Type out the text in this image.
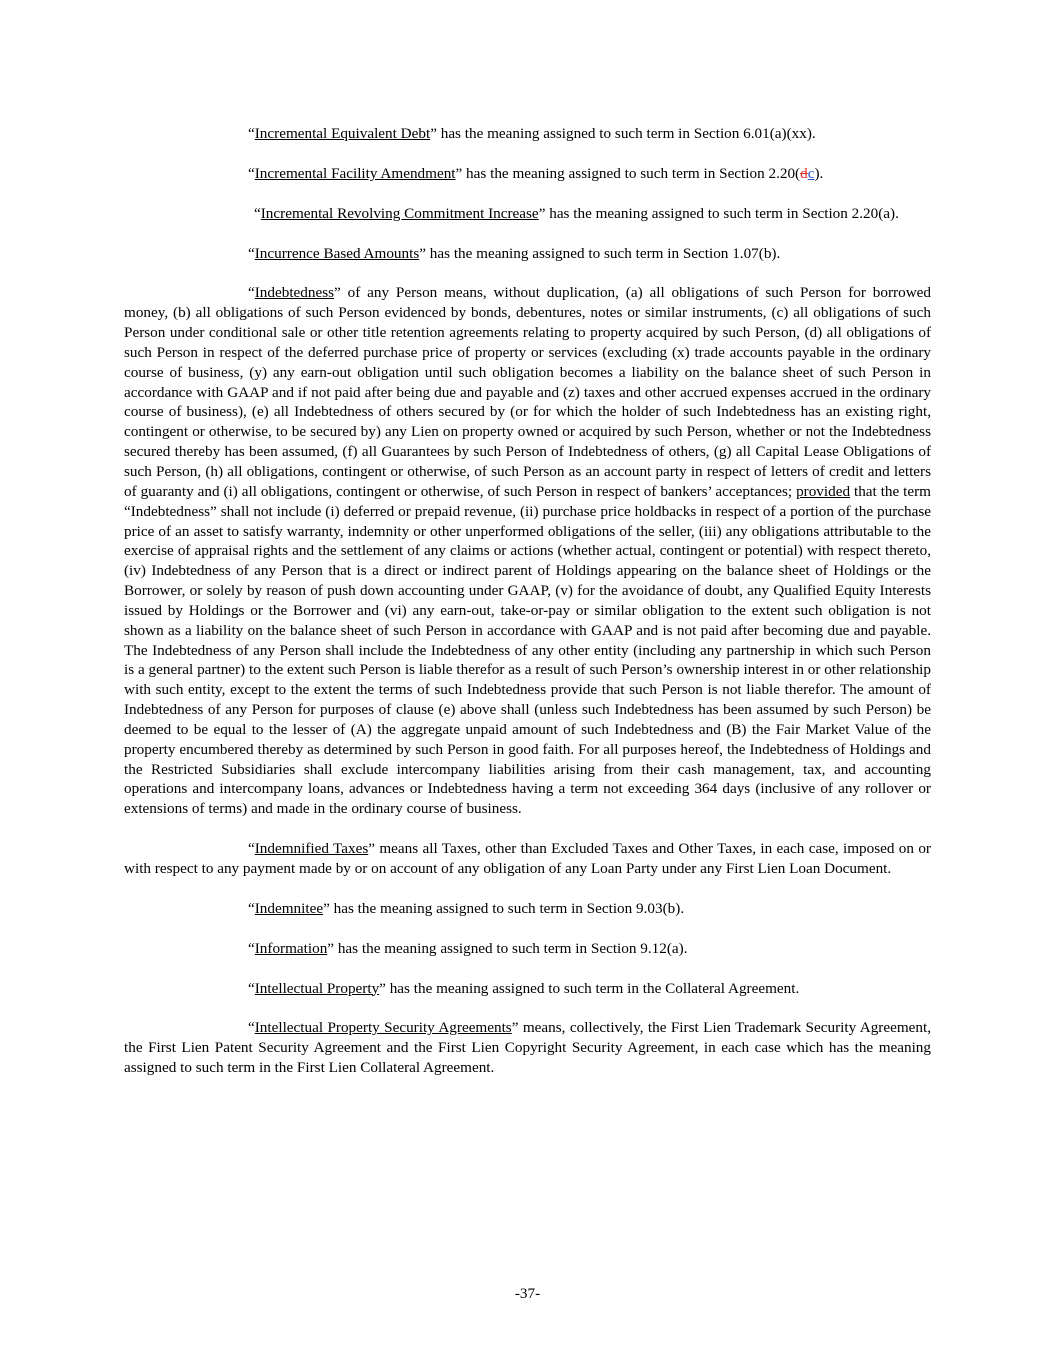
“Incremental Equivalent Debt” has the meaning assigned to such term in Section 6.01(a)(xx).

“Incremental Facility Amendment” has the meaning assigned to such term in Section 2.20(dc).

“Incremental Revolving Commitment Increase” has the meaning assigned to such term in Section 2.20(a).

“Incurrence Based Amounts” has the meaning assigned to such term in Section 1.07(b).

“Indebtedness” of any Person means, without duplication, (a) all obligations of such Person for borrowed money, (b) all obligations of such Person evidenced by bonds, debentures, notes or similar instruments, (c) all obligations of such Person under conditional sale or other title retention agreements relating to property acquired by such Person, (d) all obligations of such Person in respect of the deferred purchase price of property or services (excluding (x) trade accounts payable in the ordinary course of business, (y) any earn-out obligation until such obligation becomes a liability on the balance sheet of such Person in accordance with GAAP and if not paid after being due and payable and (z) taxes and other accrued expenses accrued in the ordinary course of business), (e) all Indebtedness of others secured by (or for which the holder of such Indebtedness has an existing right, contingent or otherwise, to be secured by) any Lien on property owned or acquired by such Person, whether or not the Indebtedness secured thereby has been assumed, (f) all Guarantees by such Person of Indebtedness of others, (g) all Capital Lease Obligations of such Person, (h) all obligations, contingent or otherwise, of such Person as an account party in respect of letters of credit and letters of guaranty and (i) all obligations, contingent or otherwise, of such Person in respect of bankers’ acceptances; provided that the term “Indebtedness” shall not include (i) deferred or prepaid revenue, (ii) purchase price holdbacks in respect of a portion of the purchase price of an asset to satisfy warranty, indemnity or other unperformed obligations of the seller, (iii) any obligations attributable to the exercise of appraisal rights and the settlement of any claims or actions (whether actual, contingent or potential) with respect thereto, (iv) Indebtedness of any Person that is a direct or indirect parent of Holdings appearing on the balance sheet of Holdings or the Borrower, or solely by reason of push down accounting under GAAP, (v) for the avoidance of doubt, any Qualified Equity Interests issued by Holdings or the Borrower and (vi) any earn-out, take-or-pay or similar obligation to the extent such obligation is not shown as a liability on the balance sheet of such Person in accordance with GAAP and is not paid after becoming due and payable. The Indebtedness of any Person shall include the Indebtedness of any other entity (including any partnership in which such Person is a general partner) to the extent such Person is liable therefor as a result of such Person’s ownership interest in or other relationship with such entity, except to the extent the terms of such Indebtedness provide that such Person is not liable therefor. The amount of Indebtedness of any Person for purposes of clause (e) above shall (unless such Indebtedness has been assumed by such Person) be deemed to be equal to the lesser of (A) the aggregate unpaid amount of such Indebtedness and (B) the Fair Market Value of the property encumbered thereby as determined by such Person in good faith. For all purposes hereof, the Indebtedness of Holdings and the Restricted Subsidiaries shall exclude intercompany liabilities arising from their cash management, tax, and accounting operations and intercompany loans, advances or Indebtedness having a term not exceeding 364 days (inclusive of any rollover or extensions of terms) and made in the ordinary course of business.

“Indemnified Taxes” means all Taxes, other than Excluded Taxes and Other Taxes, in each case, imposed on or with respect to any payment made by or on account of any obligation of any Loan Party under any First Lien Loan Document.

“Indemnitee” has the meaning assigned to such term in Section 9.03(b).

“Information” has the meaning assigned to such term in Section 9.12(a).

“Intellectual Property” has the meaning assigned to such term in the Collateral Agreement.

“Intellectual Property Security Agreements” means, collectively, the First Lien Trademark Security Agreement, the First Lien Patent Security Agreement and the First Lien Copyright Security Agreement, in each case which has the meaning assigned to such term in the First Lien Collateral Agreement.

-37-
